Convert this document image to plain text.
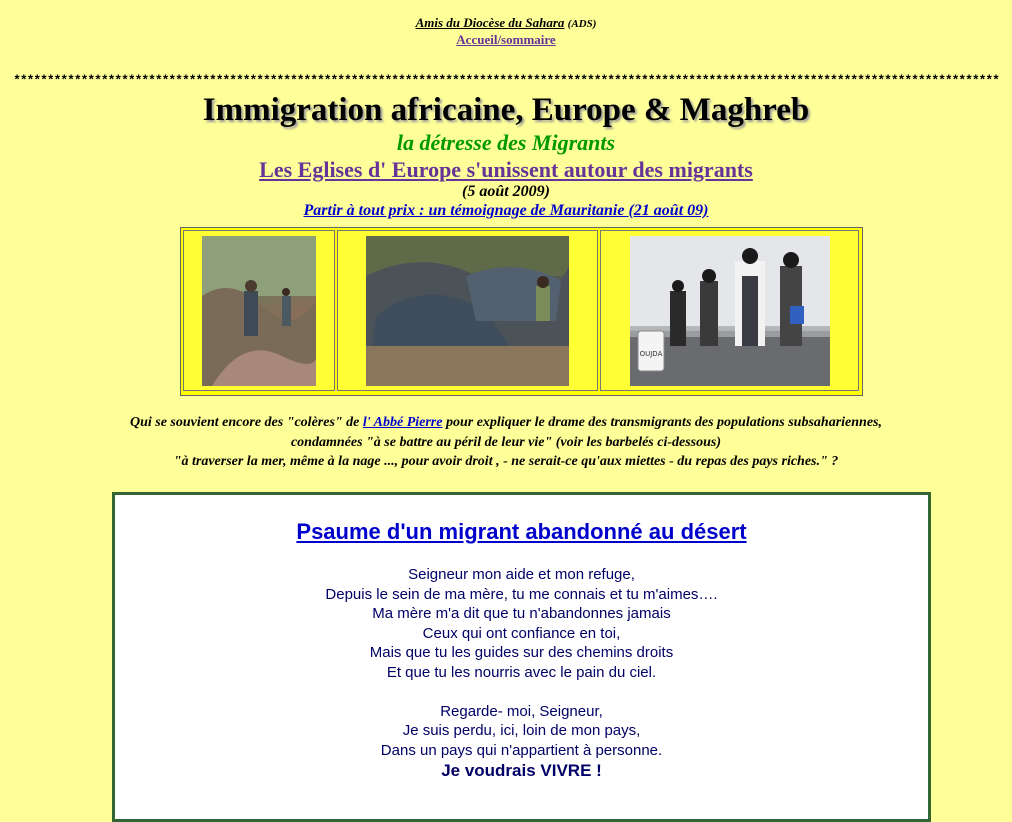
Amis du Diocèse du Sahara (ADS)
Accueil/sommaire
**************************************************************************************************************************************************
Immigration africaine, Europe & Maghreb
la détresse des Migrants
Les Eglises d' Europe s'unissent autour des migrants
(5 août 2009)
Partir à tout prix : un témoignage de Mauritanie (21 août 09)
OUJDA
Qui se souvient encore des "colères" de l' Abbé Pierre pour expliquer le drame des transmigrants des populations subsahariennes,
condamnées "à se battre au péril de leur vie" (voir les barbelés ci-dessous)
"à traverser la mer, même à la nage ..., pour avoir droit , - ne serait-ce qu'aux miettes - du repas des pays riches." ?
Psaume d'un migrant abandonné au désert
Seigneur mon aide et mon refuge,
Depuis le sein de ma mère, tu me connais et tu m'aimes….
Ma mère m'a dit que tu n'abandonnes jamais
Ceux qui ont confiance en toi,
Mais que tu les guides sur des chemins droits
Et que tu les nourris avec le pain du ciel.
Regarde- moi, Seigneur,
Je suis perdu, ici, loin de mon pays,
Dans un pays qui n'appartient à personne.
Je voudrais VIVRE !
